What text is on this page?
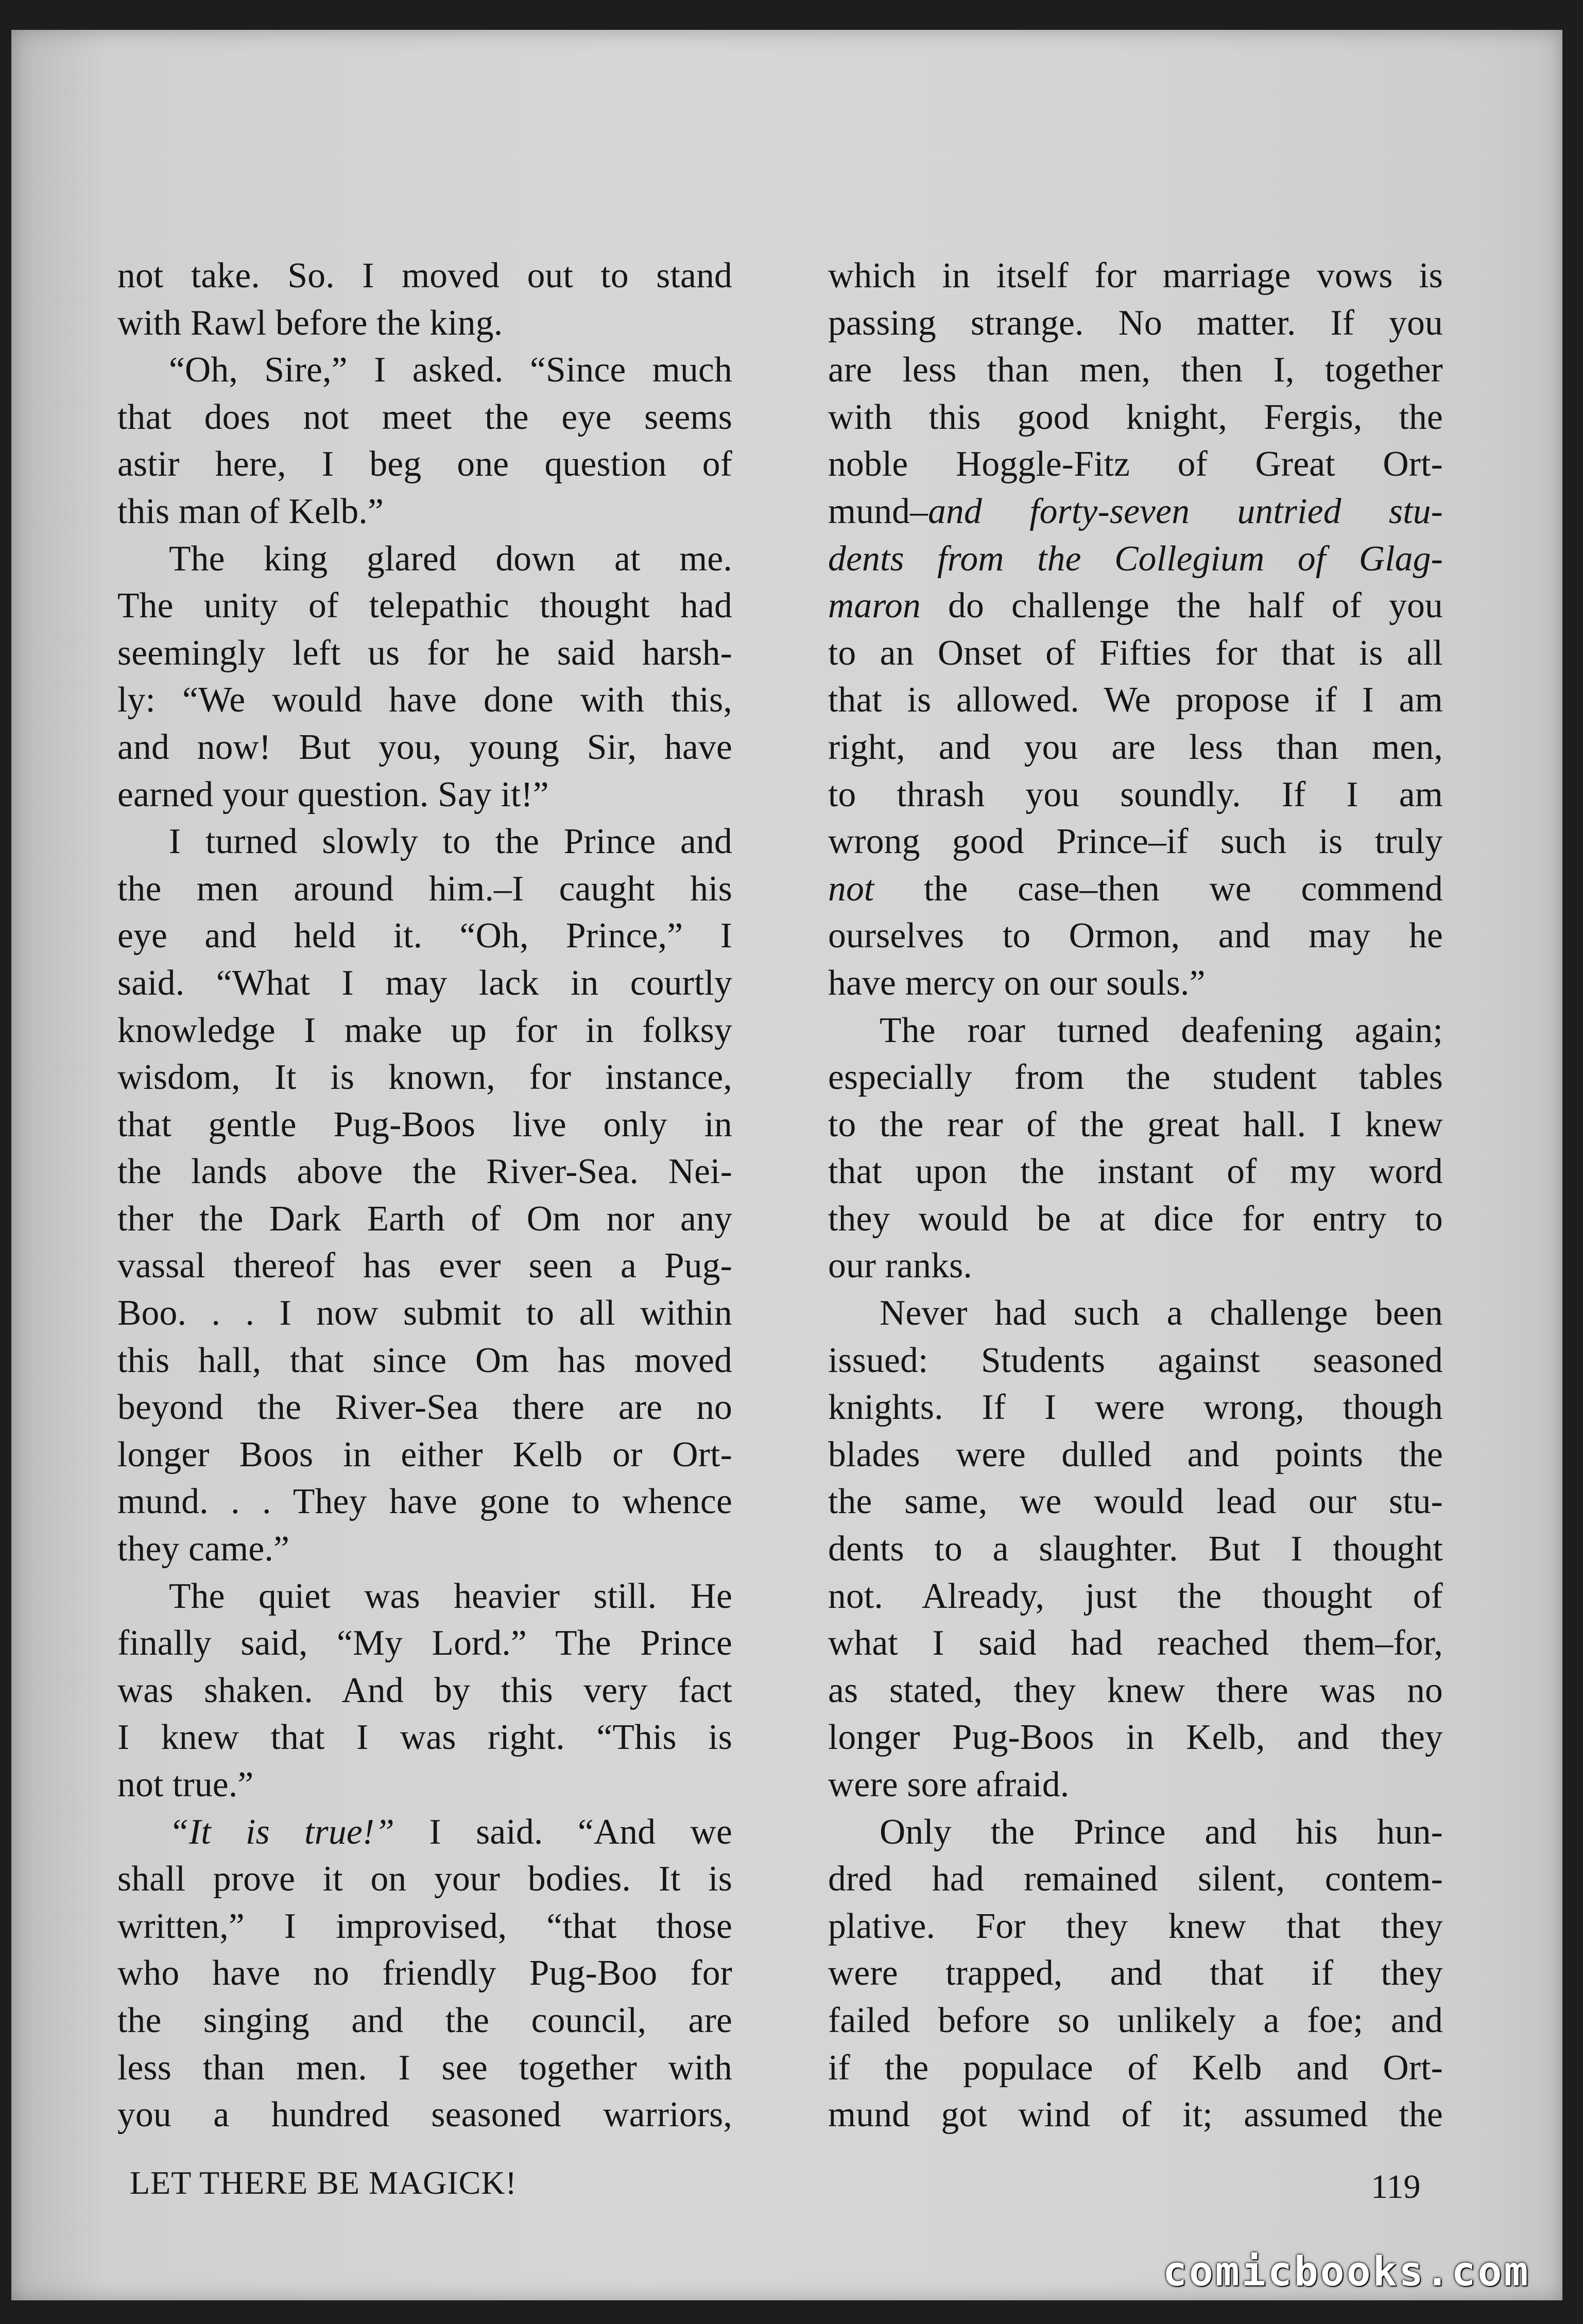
not take. So. I moved out to stand
with Rawl before the king.
“Oh, Sire,” I asked. “Since much
that does not meet the eye seems
astir here, I beg one question of
this man of Kelb.”
The king glared down at me.
The unity of telepathic thought had
seemingly left us for he said harsh-
ly: “We would have done with this,
and now! But you, young Sir, have
earned your question. Say it!”
I turned slowly to the Prince and
the men around him.–I caught his
eye and held it. “Oh, Prince,” I
said. “What I may lack in courtly
knowledge I make up for in folksy
wisdom, It is known, for instance,
that gentle Pug-Boos live only in
the lands above the River-Sea. Nei-
ther the Dark Earth of Om nor any
vassal thereof has ever seen a Pug-
Boo. . . I now submit to all within
this hall, that since Om has moved
beyond the River-Sea there are no
longer Boos in either Kelb or Ort-
mund. . . They have gone to whence
they came.”
The quiet was heavier still. He
finally said, “My Lord.” The Prince
was shaken. And by this very fact
I knew that I was right. “This is
not true.”
“It is true!” I said. “And we
shall prove it on your bodies. It is
written,” I improvised, “that those
who have no friendly Pug-Boo for
the singing and the council, are
less than men. I see together with
you a hundred seasoned warriors,
which in itself for marriage vows is
passing strange. No matter. If you
are less than men, then I, together
with this good knight, Fergis, the
noble Hoggle-Fitz of Great Ort-
mund–and forty-seven untried stu-
dents from the Collegium of Glag-
maron do challenge the half of you
to an Onset of Fifties for that is all
that is allowed. We propose if I am
right, and you are less than men,
to thrash you soundly. If I am
wrong good Prince–if such is truly
not the case–then we commend
ourselves to Ormon, and may he
have mercy on our souls.”
The roar turned deafening again;
especially from the student tables
to the rear of the great hall. I knew
that upon the instant of my word
they would be at dice for entry to
our ranks.
Never had such a challenge been
issued: Students against seasoned
knights. If I were wrong, though
blades were dulled and points the
the same, we would lead our stu-
dents to a slaughter. But I thought
not. Already, just the thought of
what I said had reached them–for,
as stated, they knew there was no
longer Pug-Boos in Kelb, and they
were sore afraid.
Only the Prince and his hun-
dred had remained silent, contem-
plative. For they knew that they
were trapped, and that if they
failed before so unlikely a foe; and
if the populace of Kelb and Ort-
mund got wind of it; assumed the
LET THERE BE MAGICK!	119
comicbooks.com
